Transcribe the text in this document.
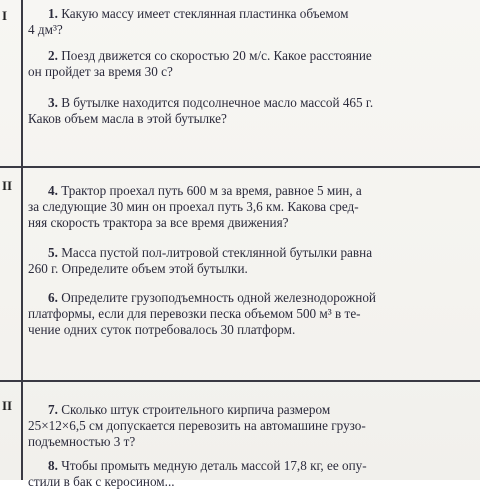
I
II
II
1. Какую массу имеет стеклянная пластинка объемом
4 дм³?
2. Поезд движется со скоростью 20 м/с. Какое расстояние
он пройдет за время 30 с?
3. В бутылке находится подсолнечное масло массой 465 г.
Каков объем масла в этой бутылке?
4. Трактор проехал путь 600 м за время, равное 5 мин, а
за следующие 30 мин он проехал путь 3,6 км. Какова сред-
няя скорость трактора за все время движения?
5. Масса пустой пол-литровой стеклянной бутылки равна
260 г. Определите объем этой бутылки.
6. Определите грузоподъемность одной железнодорожной
платформы, если для перевозки песка объемом 500 м³ в те-
чение одних суток потребовалось 30 платформ.
7. Сколько штук строительного кирпича размером
25×12×6,5 см допускается перевозить на автомашине грузо-
подъемностью 3 т?
8. Чтобы промыть медную деталь массой 17,8 кг, ее опу-
стили в бак с керосином...
